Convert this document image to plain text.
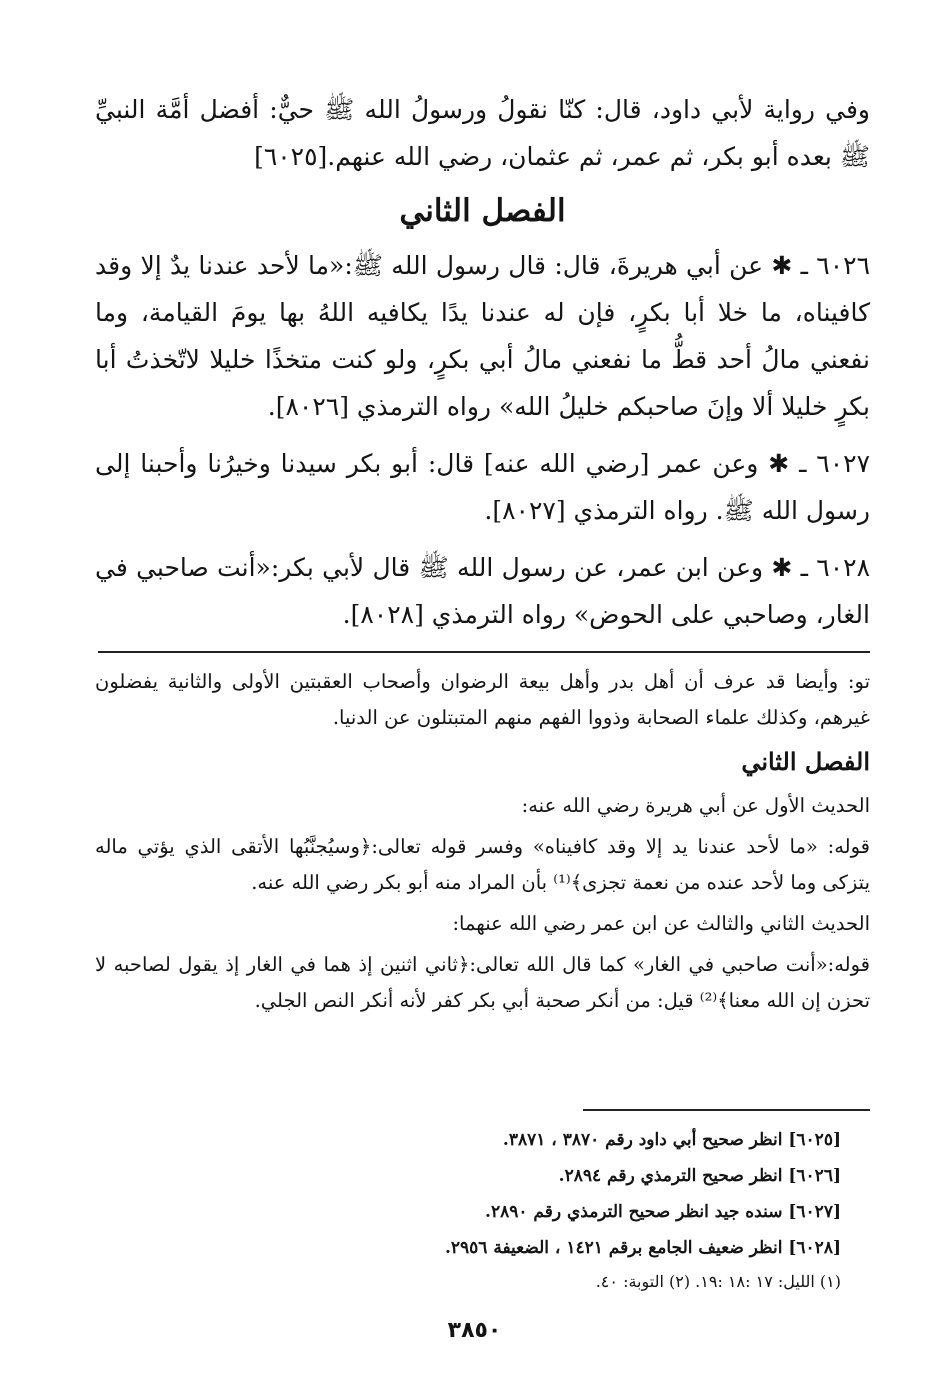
وفي رواية لأبي داود، قال: كنّا نقولُ ورسولُ الله ﷺ حيٌّ: أفضل أمَّة النبيِّ ﷺ بعده أبو بكر، ثم عمر، ثم عثمان، رضي الله عنهم.[٦٠٢٥]

الفصل الثاني

٦٠٢٦ ـ ✱ عن أبي هريرةَ، قال: قال رسول الله ﷺ:«ما لأحد عندنا يدٌ إلا وقد كافيناه، ما خلا أبا بكرٍ، فإن له عندنا يدًا يكافيه اللهُ بها يومَ القيامة، وما نفعني مالُ أحد قطُّ ما نفعني مالُ أبي بكرٍ، ولو كنت متخذًا خليلا لاتّخذتُ أبا بكرٍ خليلا ألا وإنَ صاحبكم خليلُ الله» رواه الترمذي [٨٠٢٦].

٦٠٢٧ ـ ✱ وعن عمر [رضي الله عنه] قال: أبو بكر سيدنا وخيرُنا وأحبنا إلى رسول الله ﷺ. رواه الترمذي [٨٠٢٧].

٦٠٢٨ ـ ✱ وعن ابن عمر، عن رسول الله ﷺ قال لأبي بكر:«أنت صاحبي في الغار، وصاحبي على الحوض» رواه الترمذي [٨٠٢٨].

تو: وأيضا قد عرف أن أهل بدر وأهل بيعة الرضوان وأصحاب العقبتين الأولى والثانية يفضلون غيرهم، وكذلك علماء الصحابة وذووا الفهم منهم المتبتلون عن الدنيا.

الفصل الثاني

الحديث الأول عن أبي هريرة رضي الله عنه:

قوله: «ما لأحد عندنا يد إلا وقد كافيناه» وفسر قوله تعالى:﴿وسيُجنَّبُها الأتقى الذي يؤتي ماله يتزكى وما لأحد عنده من نعمة تجزى﴾⁽¹⁾ بأن المراد منه أبو بكر رضي الله عنه.

الحديث الثاني والثالث عن ابن عمر رضي الله عنهما:

قوله:«أنت صاحبي في الغار» كما قال الله تعالى:﴿ثاني اثنين إذ هما في الغار إذ يقول لصاحبه لا تحزن إن الله معنا﴾⁽²⁾ قيل: من أنكر صحبة أبي بكر كفر لأنه أنكر النص الجلي.

[٦٠٢٥] انظر صحيح أبي داود رقم ٣٨٧٠ ، ٣٨٧١.

[٦٠٢٦] انظر صحيح الترمذي رقم ٢٨٩٤.

[٦٠٢٧] سنده جيد انظر صحيح الترمذي رقم ٢٨٩٠.

[٦٠٢٨] انظر ضعيف الجامع برقم ١٤٢١ ، الضعيفة ٢٩٥٦.

(١) الليل: ١٧ :١٨ :١٩. (٢) التوبة: ٤٠.

٣٨٥٠
